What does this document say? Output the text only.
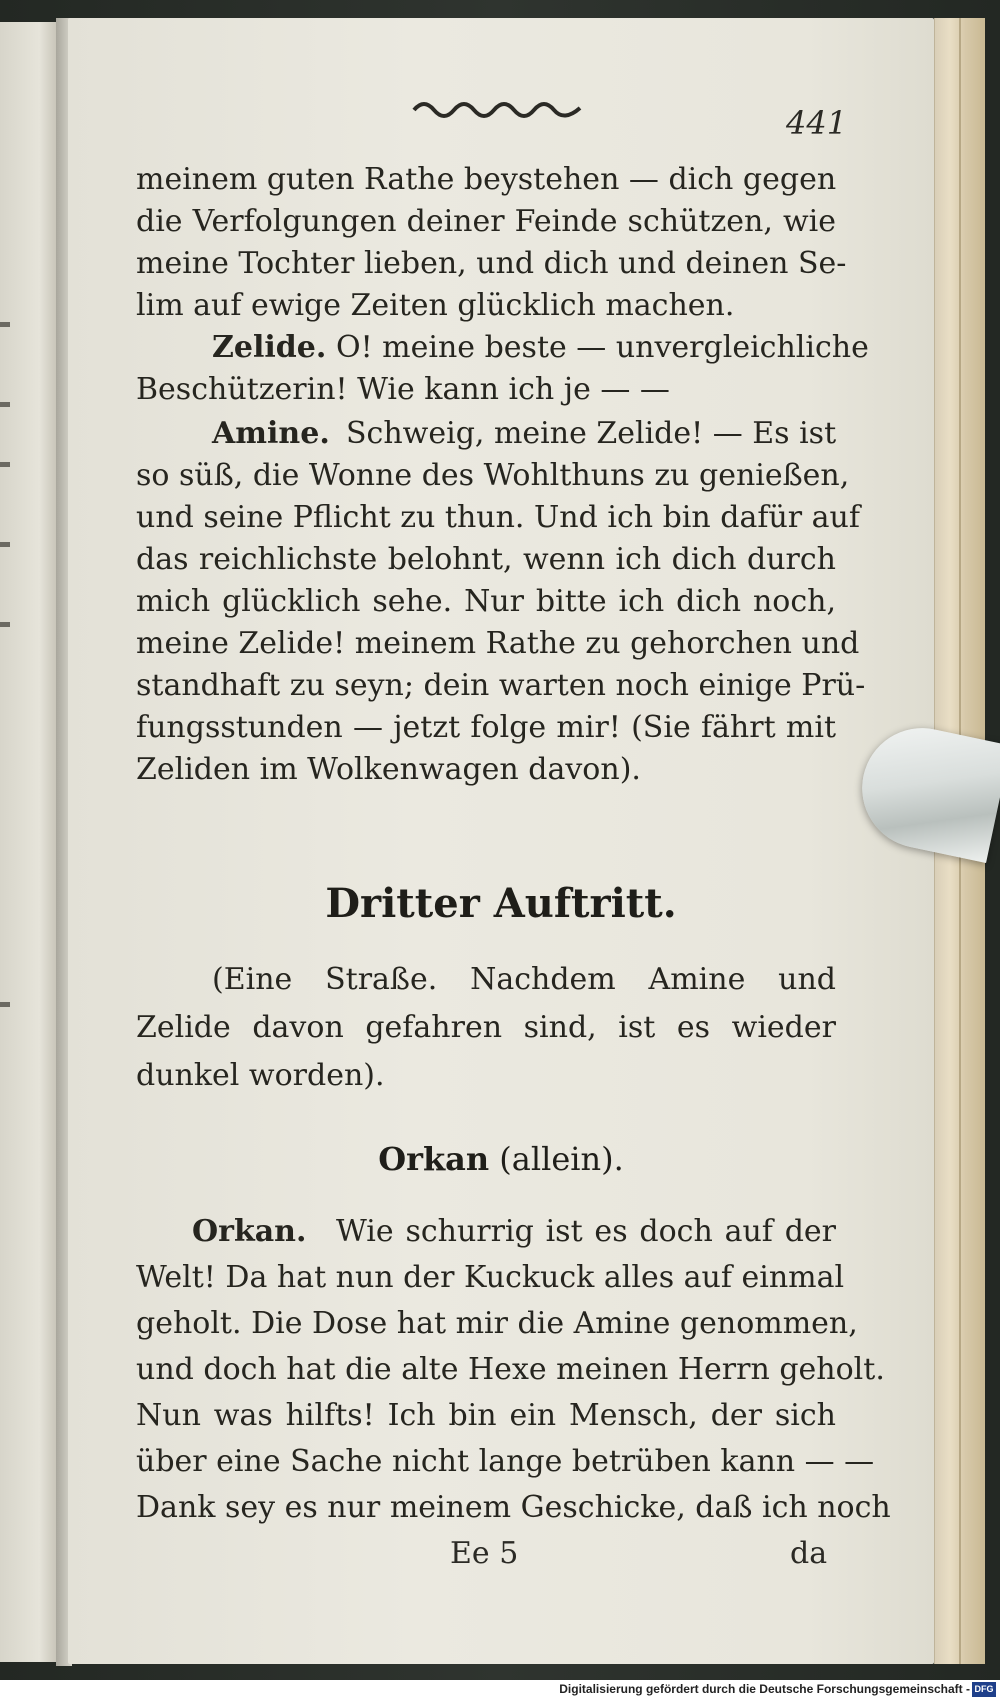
441
meinem guten Rathe beystehen — dich gegen
die Verfolgungen deiner Feinde schützen, wie
meine Tochter lieben, und dich und deinen Se-
lim auf ewige Zeiten glücklich machen.
Zelide. O! meine beste — unvergleichliche
Beschützerin! Wie kann ich je — —
Amine. Schweig, meine Zelide! — Es ist
so süß, die Wonne des Wohlthuns zu genießen,
und seine Pflicht zu thun. Und ich bin dafür auf
das reichlichste belohnt, wenn ich dich durch
mich glücklich sehe. Nur bitte ich dich noch,
meine Zelide! meinem Rathe zu gehorchen und
standhaft zu seyn; dein warten noch einige Prü-
fungsstunden — jetzt folge mir! (Sie fährt mit
Zeliden im Wolkenwagen davon).
Dritter Auftritt.
(Eine Straße. Nachdem Amine und
Zelide davon gefahren sind, ist es wieder
dunkel worden).
Orkan (allein).
Orkan. Wie schurrig ist es doch auf der
Welt! Da hat nun der Kuckuck alles auf einmal
geholt. Die Dose hat mir die Amine genommen,
und doch hat die alte Hexe meinen Herrn geholt.
Nun was hilfts! Ich bin ein Mensch, der sich
über eine Sache nicht lange betrüben kann — —
Dank sey es nur meinem Geschicke, daß ich noch
Ee 5	da
Digitalisierung gefördert durch die Deutsche Forschungsgemeinschaft - DFG
